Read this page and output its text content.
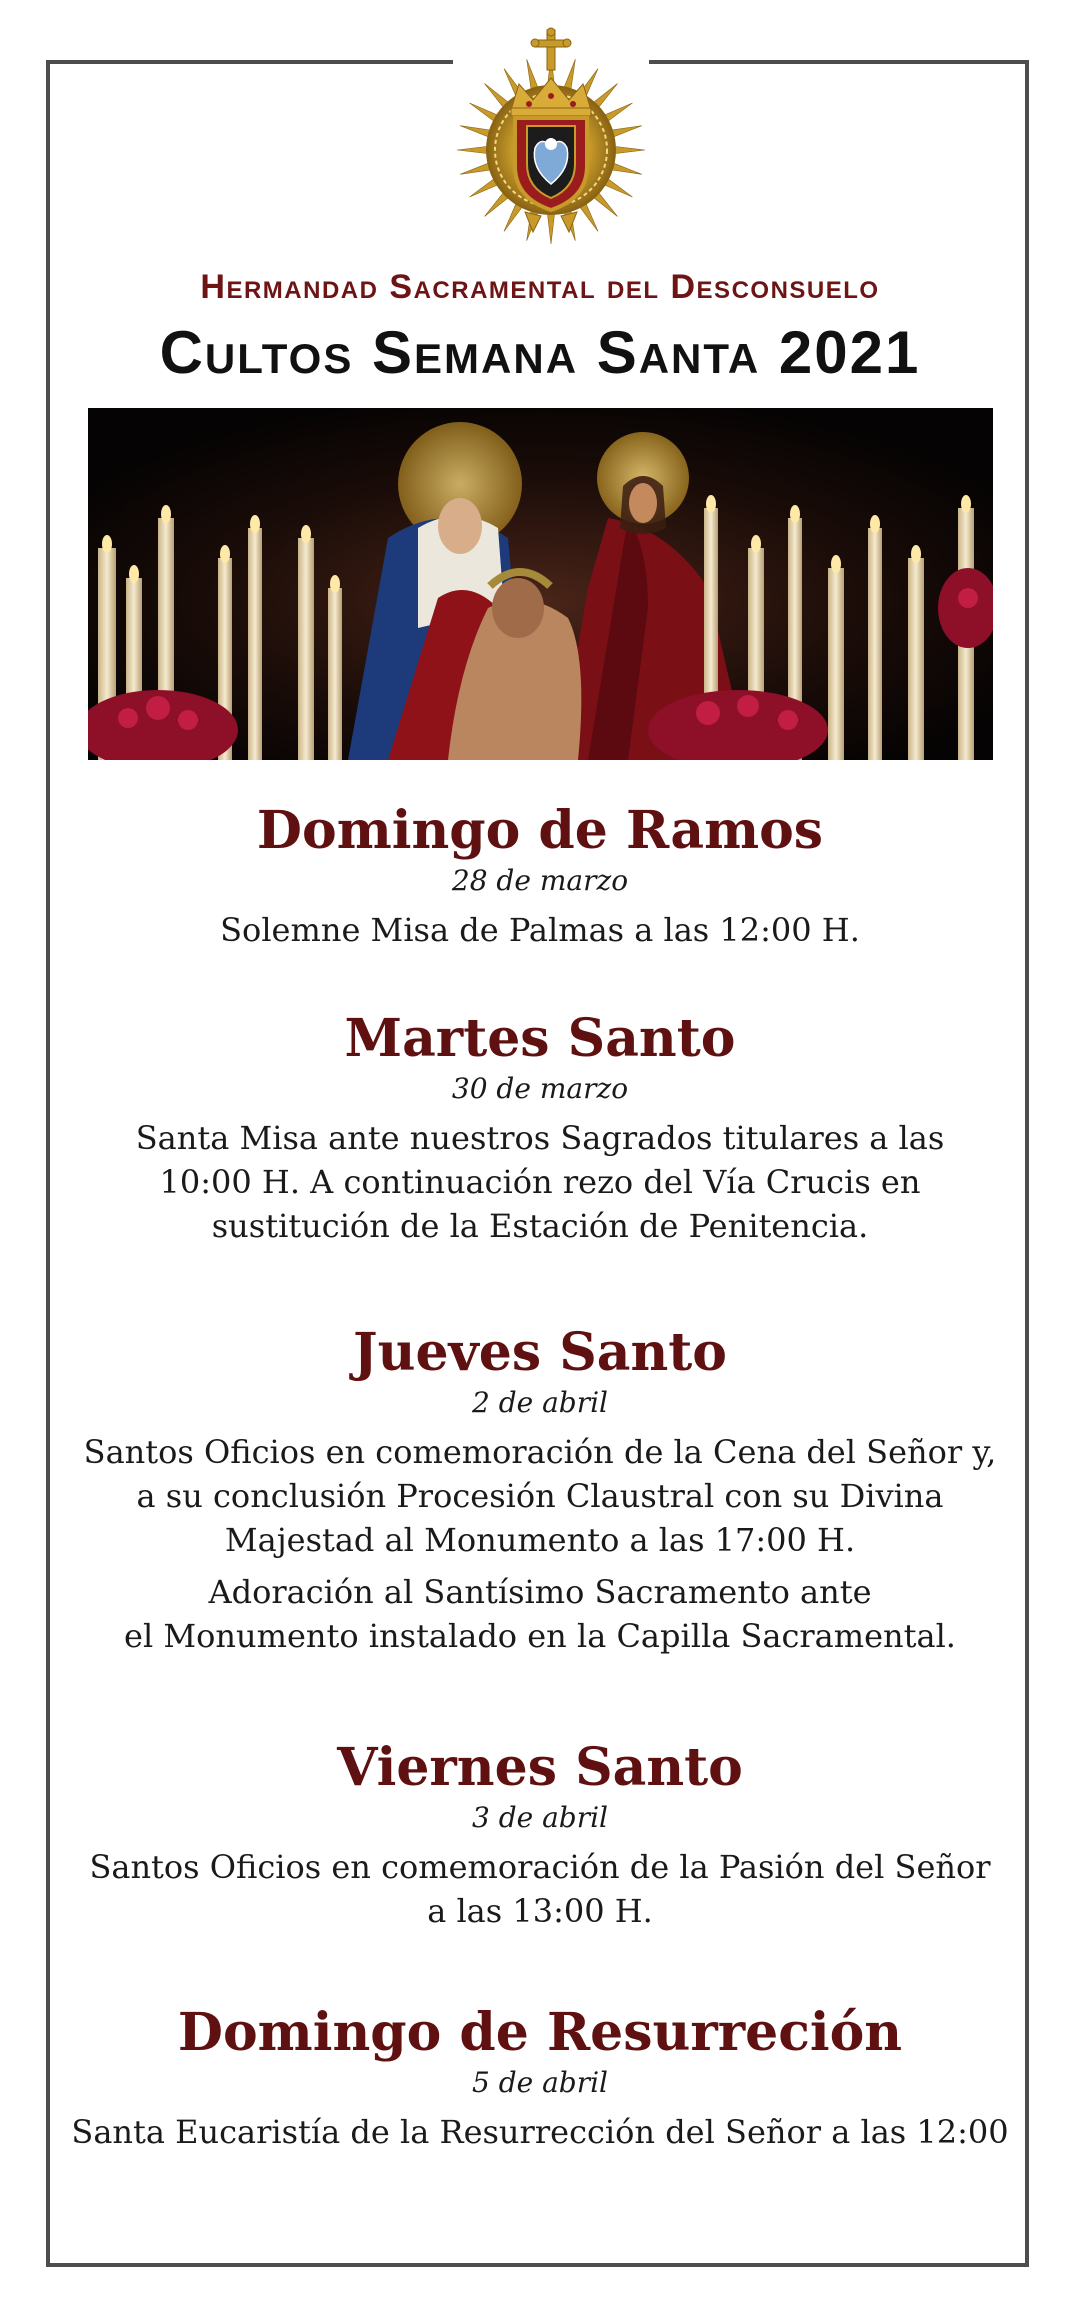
Hermandad Sacramental del Desconsuelo
Cultos Semana Santa 2021

Domingo de Ramos

28 de marzo

Solemne Misa de Palmas a las 12:00 H.

Martes Santo

30 de marzo

Santa Misa ante nuestros Sagrados titulares a las
10:00 H. A continuación rezo del Vía Crucis en
sustitución de la Estación de Penitencia.

Jueves Santo

2 de abril

Santos Oficios en comemoración de la Cena del Señor y,
a su conclusión Procesión Claustral con su Divina
Majestad al Monumento a las 17:00 H.
Adoración al Santísimo Sacramento ante
el Monumento instalado en la Capilla Sacramental.

Viernes Santo

3 de abril

Santos Oficios en comemoración de la Pasión del Señor
a las 13:00 H.

Domingo de Resurreción

5 de abril

Santa Eucaristía de la Resurrección del Señor a las 12:00
